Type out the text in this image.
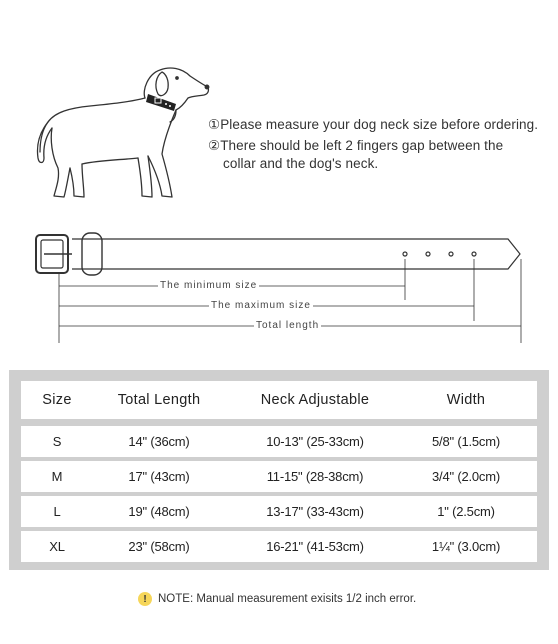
①Please measure your dog neck size before ordering.
②There should be left 2 fingers gap between the
collar and the dog's neck.
The minimum size
The maximum size
Total length
Size	Total Length	Neck Adjustable	Width
S	14" (36cm)	10-13" (25-33cm)	5/8" (1.5cm)
M	17" (43cm)	11-15" (28-38cm)	3/4" (2.0cm)
L	19" (48cm)	13-17" (33-43cm)	1" (2.5cm)
XL	23" (58cm)	16-21" (41-53cm)	1¼" (3.0cm)
! NOTE: Manual measurement exisits 1/2 inch error.
